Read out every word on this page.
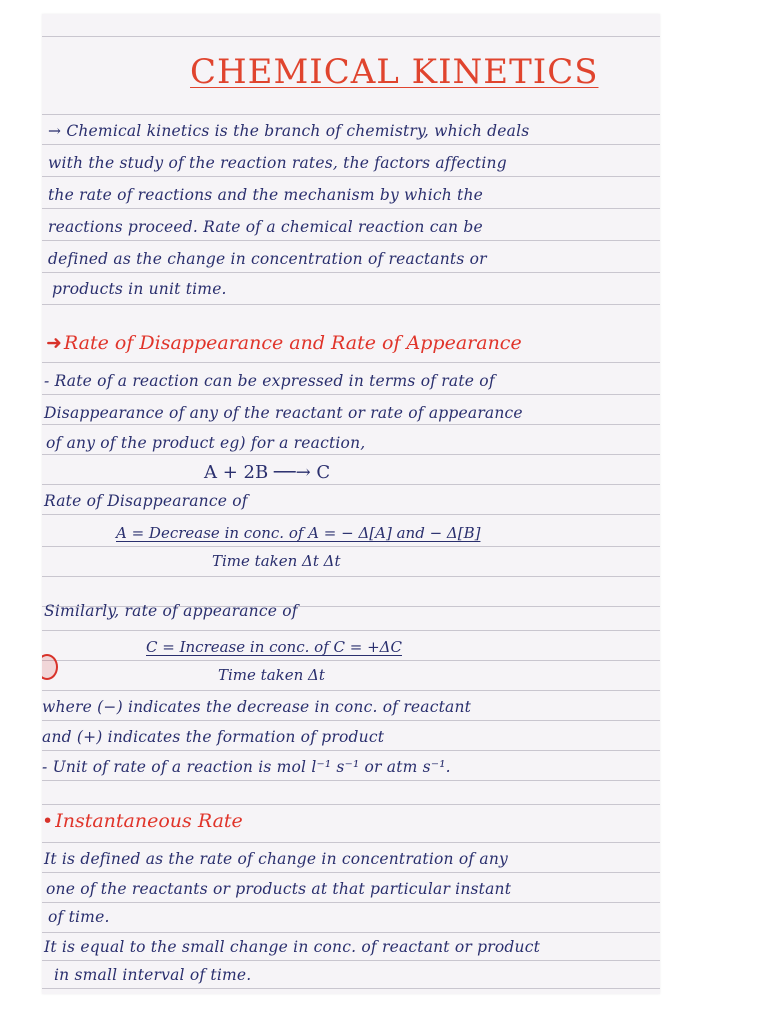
CHEMICAL KINETICS
→ Chemical kinetics is the branch of chemistry, which deals
with the study of the reaction rates, the factors affecting
the rate of reactions and the mechanism by which the
reactions proceed. Rate of a chemical reaction can be
defined as the change in concentration of reactants or
products in unit time.
➜ Rate of Disappearance and Rate of Appearance
- Rate of a reaction can be expressed in terms of rate of
Disappearance of any of the reactant or rate of appearance
of any of the product eg) for a reaction,
A + 2B ──→ C
Rate of Disappearance of
A = Decrease in conc. of A = − Δ[A] and − Δ[B]
Time taken Δt Δt
Similarly, rate of appearance of
C = Increase in conc. of C = +ΔC
Time taken Δt
where (−) indicates the decrease in conc. of reactant
and (+) indicates the formation of product
- Unit of rate of a reaction is mol l⁻¹ s⁻¹ or atm s⁻¹.
• Instantaneous Rate
It is defined as the rate of change in concentration of any
one of the reactants or products at that particular instant
of time.
It is equal to the small change in conc. of reactant or product
in small interval of time.
